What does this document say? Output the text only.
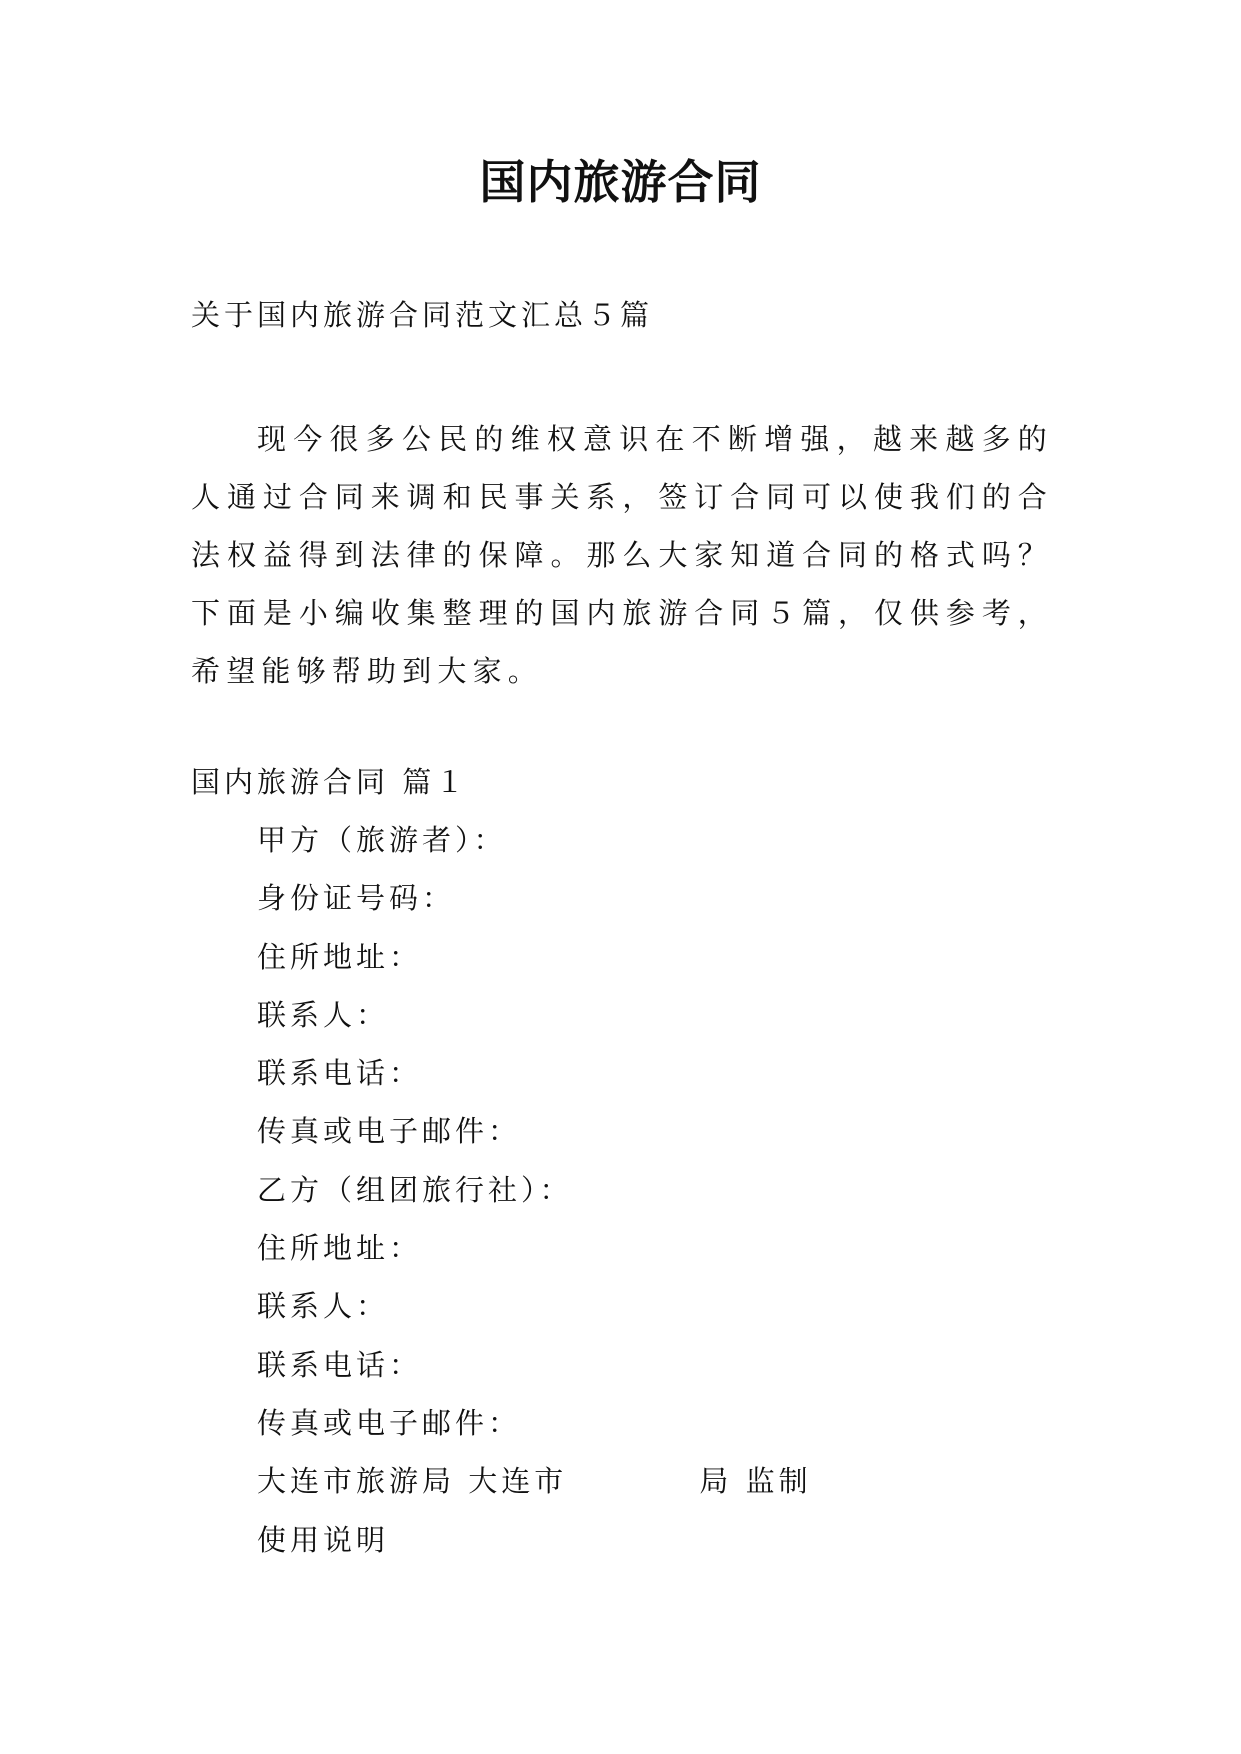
国内旅游合同
关于国内旅游合同范文汇总５篇

现今很多公民的维权意识在不断增强，越来越多的人通过合同来调和民事关系，签订合同可以使我们的合法权益得到法律的保障。那么大家知道合同的格式吗？下面是小编收集整理的国内旅游合同５篇，仅供参考，希望能够帮助到大家。

国内旅游合同 篇１
甲方（旅游者）：
身份证号码：
住所地址：
联系人：
联系电话：
传真或电子邮件：
乙方（组团旅行社）：
住所地址：
联系人：
联系电话：
传真或电子邮件：
大连市旅游局 大连市          局 监制
使用说明
